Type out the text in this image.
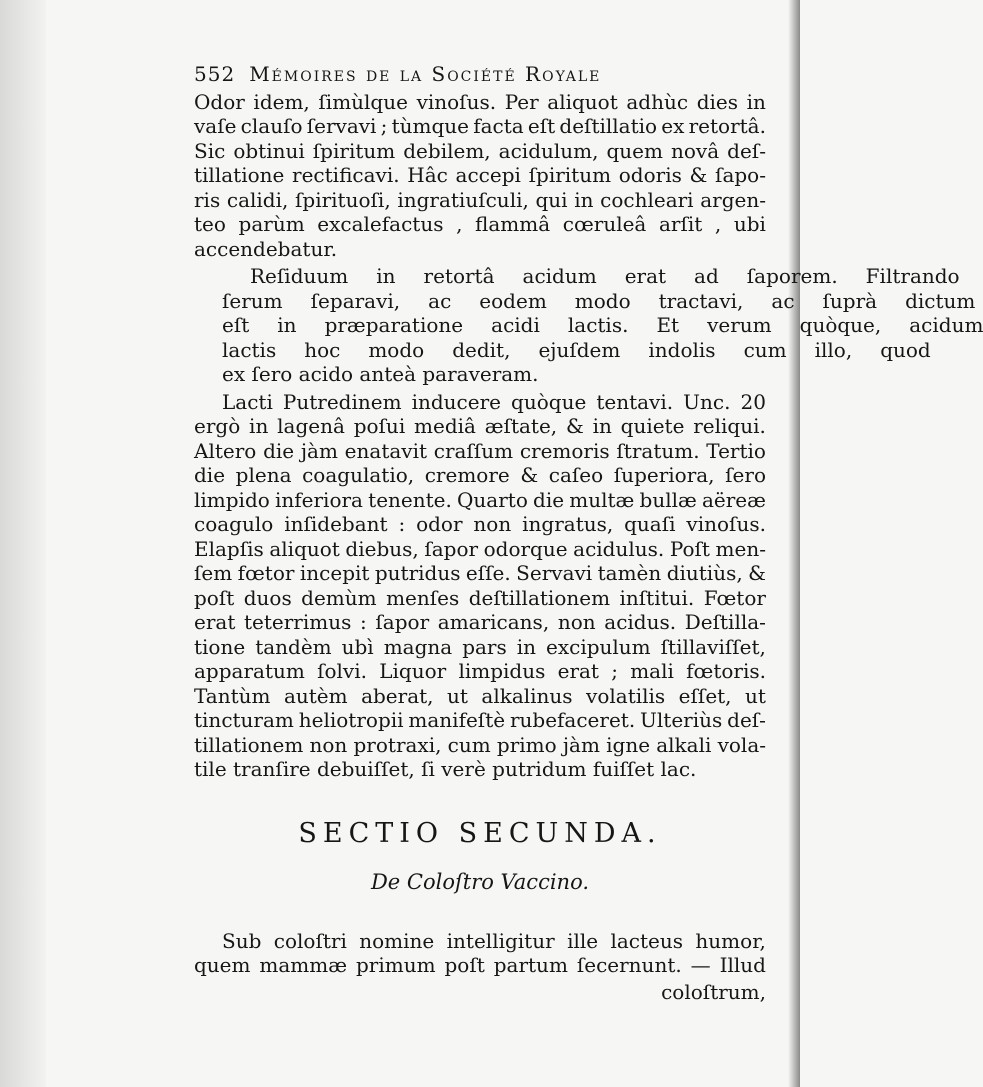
552 Mémoires de la Société Royale
Odor idem, ſimùlque vinoſus. Per aliquot adhùc dies in
vaſe clauſo ſervavi ; tùmque facta eſt deſtillatio ex retortâ.
Sic obtinui ſpiritum debilem, acidulum, quem novâ deſ-
tillatione rectificavi. Hâc accepi ſpiritum odoris & ſapo-
ris calidi, ſpirituoſi, ingratiuſculi, qui in cochleari argen-
teo parùm excalefactus , flammâ cœruleâ arſit , ubi
accendebatur.
Reſiduum	in	retortâ	acidum	erat	ad	ſaporem.	Filtrando
ſerum	ſeparavi,	ac	eodem	modo	tractavi,	ac	ſuprà	dictum
eſt	in	præparatione	acidi	lactis.	Et	verum	quòque,	acidum
lactis	hoc	modo	dedit,	ejuſdem	indolis	cum	illo,	quod
ex ſero acido anteà paraveram.
Lacti Putredinem inducere quòque tentavi. Unc. 20
ergò in lagenâ poſui mediâ æſtate, & in quiete reliqui.
Altero die jàm enatavit craſſum cremoris ſtratum. Tertio
die plena coagulatio, cremore & caſeo ſuperiora, ſero
limpido inferiora tenente. Quarto die multæ bullæ aëreæ
coagulo inſidebant : odor non ingratus, quaſi vinoſus.
Elapſis aliquot diebus, ſapor odorque acidulus. Poſt men-
ſem fœtor incepit putridus eſſe. Servavi tamèn diutiùs, &
poſt duos demùm menſes deſtillationem inſtitui. Fœtor
erat teterrimus : ſapor amaricans, non acidus. Deſtilla-
tione tandèm ubì magna pars in excipulum ſtillaviſſet,
apparatum ſolvi. Liquor limpidus erat ; mali fœtoris.
Tantùm autèm aberat, ut alkalinus volatilis eſſet, ut
tincturam heliotropii manifeſtè rubefaceret. Ulteriùs deſ-
tillationem non protraxi, cum primo jàm igne alkali vola-
tile tranſire debuiſſet, ſi verè putridum fuiſſet lac.
SECTIO SECUNDA.
De Coloſtro Vaccino.
Sub coloſtri nomine intelligitur ille lacteus humor,
quem mammæ primum poſt partum ſecernunt. — Illud
coloſtrum,
